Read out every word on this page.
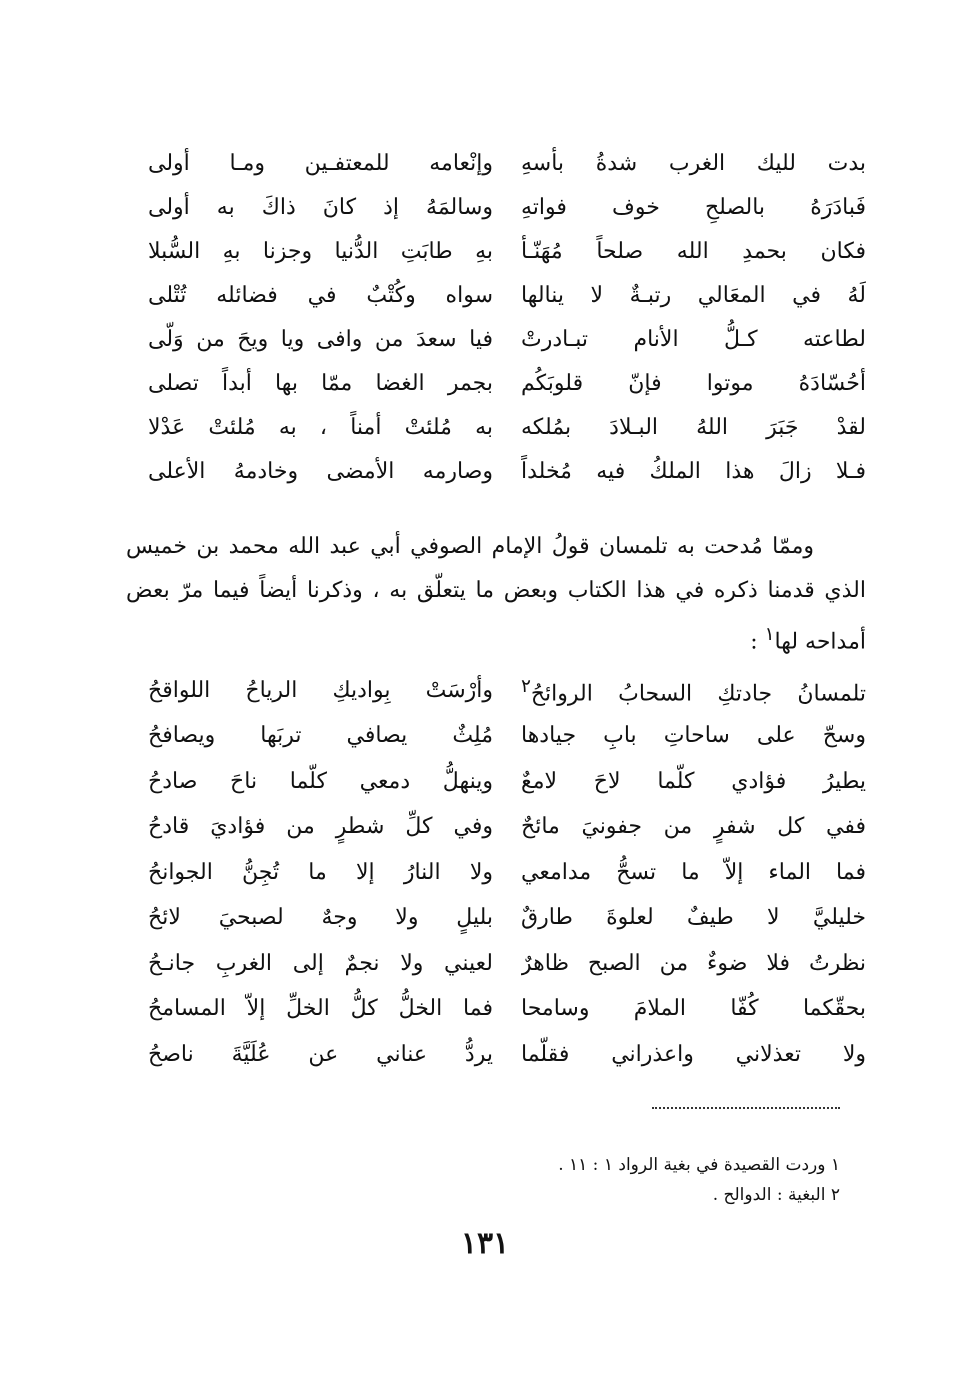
بدت لليك الغرب شدةُ بأسهِ
وإنْعامه للمعتفـين ومـا أولى
فَبادَرَهُ بالصلحِ خوف فواتهِ
وسالمَهُ إذ كانَ ذاكَ به أولى
فكان بحمدِ الله صلحاً مُهَنّـأ
بهِ طابَتِ الدُّنيا وجزنا بهِ السُّبلا
لَهُ في المعَالي رتبـةٌ لا ينالها
سواه وكُتْبٌ في فضائله تُتْلى
لطاعته كـلُّ الأنام تبـادرتْ
فيا سعدَ من وافى ويا ويحَ من وَلّى
أحُسّادَهُ موتوا فإنّ قلوبَكُم
بجمر الغضا ممّا بها أبداً تصلى
لقدْ جَبَرَ اللهُ البـلادَ بمُلكه
به مُلئتْ أمناً ، به مُلئتْ عَدْلا
فـلا زالَ هذا الملكُ فيه مُخلداً
وصارمه الأمضى وخادمهُ الأعلى

وممّا مُدحت به تلمسان قولُ الإمام الصوفي أبي عبد الله محمد بن خميس الذي قدمنا ذكره في هذا الكتاب وبعض ما يتعلّق به ، وذكرنا أيضاً فيما مرّ بعض أمداحه لها$^١$ :

تلمسانُ جادتكِ السحابُ الروائحُ$^٢$
وأرْسَتْ بِواديكِ الرياحُ اللواقحُ
وسحّ على ساحاتِ بابِ جيادها
مُلِثٌ يصافي تربَها ويصافحُ
يطيرُ فؤادي كلّما لاحَ لامعٌ
وينهلُّ دمعي كلّما ناحَ صادحُ
ففي كل شفرٍ من جفونيَ مائحٌ
وفي كلِّ شطرٍ من فؤاديَ قادحُ
فما الماء إلاّ ما تسحُّ مدامعي
ولا النارُ إلا ما تُجِنُّ الجوانحُ
خليليَّ لا طيفٌ لعلوةَ طارقٌ
بليلٍ ولا وجهٌ لصبحيَ لائحُ
نظرتُ فلا ضوءٌ من الصبح ظاهرٌ
لعيني ولا نجمٌ إلى الغربِ جانـحُ
بحقّكما كُفّا الملامَ وسامحا
فما الخلُّ كلُّ الخلِّ إلاّ المسامحُ
ولا تعذلاني واعذراني فقلّما
يردُّ عناني عن عُلَيَّةَ ناصحُ

١ وردت القصيدة في بغية الرواد ١ : ١١ .

٢ البغية : الدوالح .

١٣١
